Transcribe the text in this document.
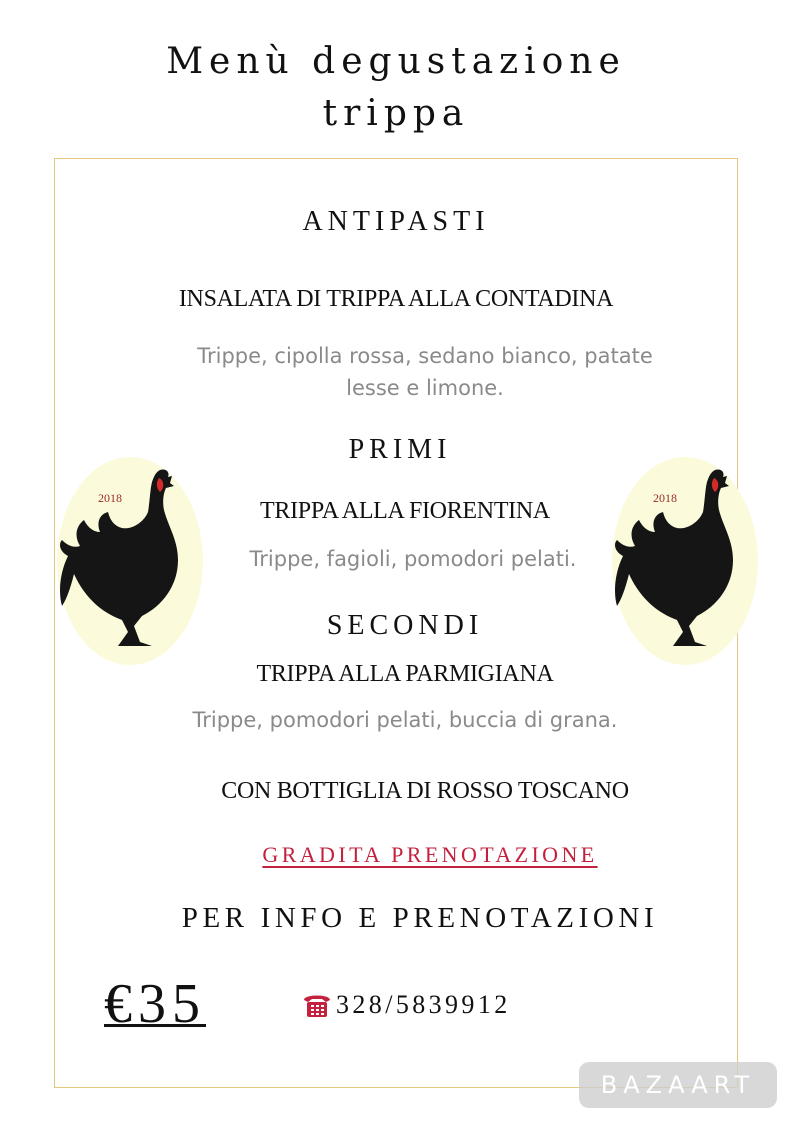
Menù degustazione
trippa
ANTIPASTI
INSALATA DI TRIPPA ALLA CONTADINA
Trippe, cipolla rossa, sedano bianco, patate
lesse e limone.
PRIMI
TRIPPA ALLA FIORENTINA
Trippe, fagioli, pomodori pelati.
SECONDI
TRIPPA ALLA PARMIGIANA
Trippe, pomodori pelati, buccia di grana.
CON BOTTIGLIA DI ROSSO TOSCANO
GRADITA PRENOTAZIONE
PER INFO E PRENOTAZIONI
€35	328/5839912
2018	2018
BAZAART
